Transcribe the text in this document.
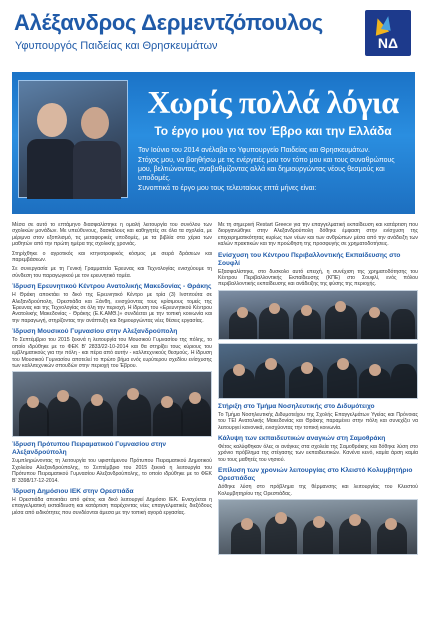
Αλέξανδρος Δερμεντζόπουλος
Υφυπουργός Παιδείας και Θρησκευμάτων	ΝΔ
Χωρίς πολλά λόγια
Το έργο μου για τον Έβρο και την Ελλάδα

Τον Ιούνιο του 2014 ανέλαβα το Υφυπουργείο Παιδείας και Θρησκευμάτων.

Στόχος μου, να βοηθήσω με τις ενέργειές μου τον τόπο μου και τους συναθρώπους μου, βελτιώνοντας, αναβαθμίζοντας αλλά και δημιουργώντας νέους θεσμούς και υποδομές.

Συνοπτικά το έργο μου τους τελευταίους επτά μήνες είναι:

Μέσα σε αυτό το επτάμηνο διασφαλίστηκε η ομαλή λειτουργία του συνόλου των σχολικών μονάδων. Με υπεύθυνους, δασκάλους και καθηγητές σε όλα τα σχολεία, με μέριμνα στον εξοπλισμό, τις μεταφορικές υποδομές, με τα βιβλία στα χέρια των μαθητών από την πρώτη ημέρα της σχολικής χρονιάς.

Στηρίχθηκε ο αγροτικός και κτηνοτροφικός κόσμος με σειρά δράσεων και παρεμβάσεων.

Σε συνεργασία με τη Γενική Γραμματεία Έρευνας και Τεχνολογίας ενισχύουμε τη σύνδεση του παραγωγικού με τον ερευνητικό τομέα.

Ίδρυση Ερευνητικού Κέντρου Ανατολικής Μακεδονίας - Θράκης

Η Θράκη αποκτάει το δικό της Ερευνητικό Κέντρο με τρία (3) Ινστιτούτα σε Αλεξανδρούπολη, Ορεστιάδα και Ξάνθη, ενισχύοντας τους κρίσιμους τομείς της Έρευνας και της Τεχνολογίας σε όλη την περιοχή. Η ίδρυση του «Ερευνητικού Κέντρου Ανατολικής Μακεδονίας - Θράκης (Ε.Κ.ΑΜΘ.)» συνδέεται με την τοπική κοινωνία και την παραγωγή, στηρίζοντας την ανάπτυξη και δημιουργώντας νέες θέσεις εργασίας.

Ίδρυση Μουσικού Γυμνασίου στην Αλεξανδρούπολη

Το Σεπτέμβριο του 2015 ξεκινά η λειτουργία του Μουσικού Γυμνασίου της πόλης, το οποίο ιδρύθηκε με το ΦΕΚ Β' 2833/22-10-2014 και θα στηρίξει τους κύριους του εμβληματικούς για την πόλη - και πέρα από αυτήν - καλλιτεχνικούς θεσμούς. Η ίδρυση του Μουσικού Γυμνασίου αποτελεί το πρώτο βήμα ενός ευρύτερου σχεδίου ενίσχυσης των καλλιτεχνικών σπουδών στην περιοχή του Έβρου.

Ίδρυση Πρότυπου Πειραματικού Γυμνασίου στην Αλεξανδρούπολη

Συμπληρώνοντας τη λειτουργία του υφιστάμενου Πρότυπου Πειραματικού Δημοτικού Σχολείου Αλεξανδρούπολης, το Σεπτέμβριο του 2015 ξεκινά η λειτουργία του Πρότυπου Πειραματικού Γυμνασίου Αλεξανδρούπολης, το οποίο ιδρύθηκε με το ΦΕΚ Β' 3398/17-12-2014.

Ίδρυση Δημόσιου ΙΕΚ στην Ορεστιάδα

Η Ορεστιάδα αποκτάει από φέτος και δικό λειτουργεί Δημόσιο ΙΕΚ. Ενισχύεται η επαγγελματική εκπαίδευση και κατάρτιση παρέχοντας νέες επαγγελματικές διεξόδους μέσα από ειδικότητες που συνδέονται άμεσα με την τοπική αγορά εργασίας.

Με τη σημερινή Restart Greece για την επαγγελματική εκπαίδευση και κατάρτιση που διοργανώθηκε στην Αλεξανδρούπολη δόθηκε έμφαση στην ενίσχυση της επιχειρηματικότητας κυρίως των νέων και των ανθρώπων μέσα από την ανάδειξη των καλών πρακτικών και την προώθηση της προσφυγής σε χρηματοδοτήσεις.

Ενίσχυση του Κέντρου Περιβαλλοντικής Εκπαίδευσης στο Σουφλί

Εξασφαλίστηκε, στο δυσκολο αυτό επειχή, η συνέχιση της χρηματοδότησης του Κέντρου Περιβαλλοντικής Εκπαίδευσης (ΚΠΕ) στο Σουφλί, ενός πόλου περιβαλλοντικής εκπαίδευσης και ανάδειξης της φύσης της περιοχής.

Στήριξη στο Τμήμα Νοσηλευτικής στο Διδυμότειχο

Το Τμήμα Νοσηλευτικής Διδυμοτείχου της Σχολής Επαγγελμάτων Υγείας και Πρόνοιας του ΤΕΙ Ανατολικής Μακεδονίας και Θράκης παραμένει στην πόλη και συνεχίζει να λειτουργεί κανονικά, ενισχύοντας την τοπική κοινωνία.

Κάλυψη των εκπαιδευτικών αναγκών στη Σαμοθράκη

Φέτος καλύφθηκαν όλες οι ανάγκες στα σχολεία της Σαμοθράκης και δόθηκε λύση στο χρόνιο πρόβλημα της στέγασης των εκπαιδευτικών. Κανένα κενό, καμία άρση καμία του τους μαθητές του νησιού.

Επίλυση των χρονιών λειτουργίας στο Κλειστό Κολυμβητήριο Ορεστιάδας

Δόθηκε λύση στο πρόβλημα της θέρμανσης και λειτουργίας του Κλειστού Κολυμβητηρίου της Ορεστιάδας.
